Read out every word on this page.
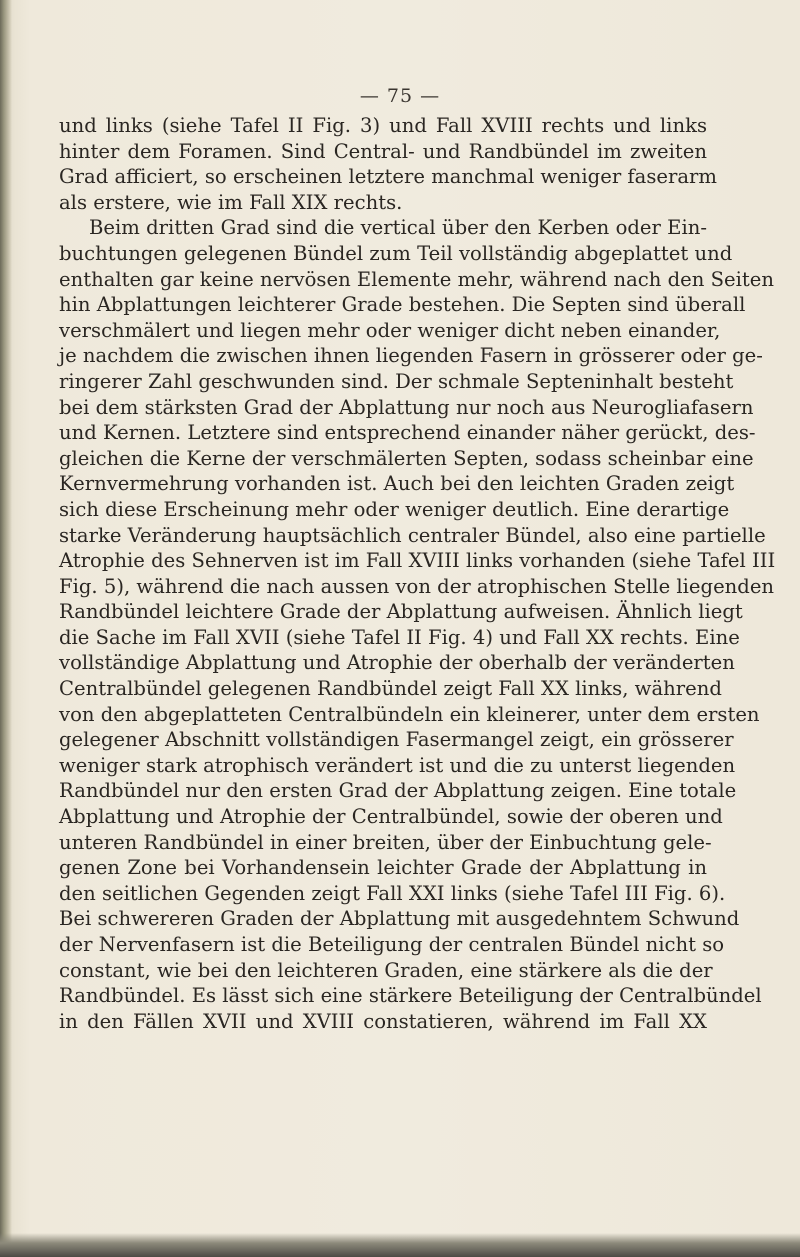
— 75 —
und links (siehe Tafel II Fig. 3) und Fall XVIII rechts und links
hinter dem Foramen. Sind Central- und Randbündel im zweiten
Grad afficiert, so erscheinen letztere manchmal weniger faserarm
als erstere, wie im Fall XIX rechts.
Beim dritten Grad sind die vertical über den Kerben oder Ein-
buchtungen gelegenen Bündel zum Teil vollständig abgeplattet und
enthalten gar keine nervösen Elemente mehr, während nach den Seiten
hin Abplattungen leichterer Grade bestehen. Die Septen sind überall
verschmälert und liegen mehr oder weniger dicht neben einander,
je nachdem die zwischen ihnen liegenden Fasern in grösserer oder ge-
ringerer Zahl geschwunden sind. Der schmale Septeninhalt besteht
bei dem stärksten Grad der Abplattung nur noch aus Neurogliafasern
und Kernen. Letztere sind entsprechend einander näher gerückt, des-
gleichen die Kerne der verschmälerten Septen, sodass scheinbar eine
Kernvermehrung vorhanden ist. Auch bei den leichten Graden zeigt
sich diese Erscheinung mehr oder weniger deutlich. Eine derartige
starke Veränderung hauptsächlich centraler Bündel, also eine partielle
Atrophie des Sehnerven ist im Fall XVIII links vorhanden (siehe Tafel III
Fig. 5), während die nach aussen von der atrophischen Stelle liegenden
Randbündel leichtere Grade der Abplattung aufweisen. Ähnlich liegt
die Sache im Fall XVII (siehe Tafel II Fig. 4) und Fall XX rechts. Eine
vollständige Abplattung und Atrophie der oberhalb der veränderten
Centralbündel gelegenen Randbündel zeigt Fall XX links, während
von den abgeplatteten Centralbündeln ein kleinerer, unter dem ersten
gelegener Abschnitt vollständigen Fasermangel zeigt, ein grösserer
weniger stark atrophisch verändert ist und die zu unterst liegenden
Randbündel nur den ersten Grad der Abplattung zeigen. Eine totale
Abplattung und Atrophie der Centralbündel, sowie der oberen und
unteren Randbündel in einer breiten, über der Einbuchtung gele-
genen Zone bei Vorhandensein leichter Grade der Abplattung in
den seitlichen Gegenden zeigt Fall XXI links (siehe Tafel III Fig. 6).
Bei schwereren Graden der Abplattung mit ausgedehntem Schwund
der Nervenfasern ist die Beteiligung der centralen Bündel nicht so
constant, wie bei den leichteren Graden, eine stärkere als die der
Randbündel. Es lässt sich eine stärkere Beteiligung der Centralbündel
in den Fällen XVII und XVIII constatieren, während im Fall XX
